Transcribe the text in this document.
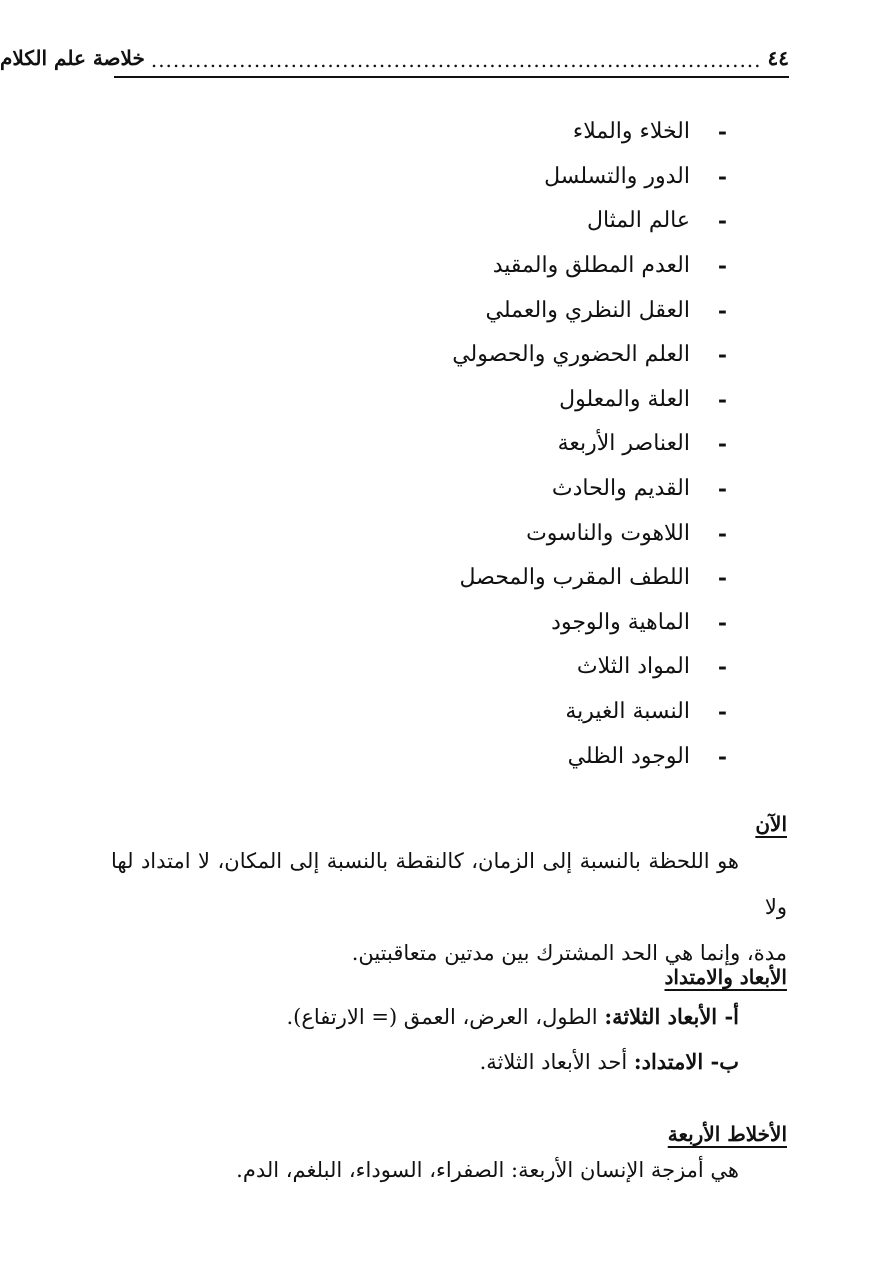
٤٤
...................................................................................
خلاصة علم الكلام
-
الخلاء والملاء
-
الدور والتسلسل
-
عالم المثال
-
العدم المطلق والمقيد
-
العقل النظري والعملي
-
العلم الحضوري والحصولي
-
العلة والمعلول
-
العناصر الأربعة
-
القديم والحادث
-
اللاهوت والناسوت
-
اللطف المقرب والمحصل
-
الماهية والوجود
-
المواد الثلاث
-
النسبة الغيرية
-
الوجود الظلي
الآن
هو اللحظة بالنسبة إلى الزمان، كالنقطة بالنسبة إلى المكان، لا امتداد لها ولا
مدة، وإنما هي الحد المشترك بين مدتين متعاقبتين.
الأبعاد والامتداد
أ- الأبعاد الثلاثة: الطول، العرض، العمق (= الارتفاع).
ب- الامتداد: أحد الأبعاد الثلاثة.
الأخلاط الأربعة
هي أمزجة الإنسان الأربعة: الصفراء، السوداء، البلغم، الدم.
